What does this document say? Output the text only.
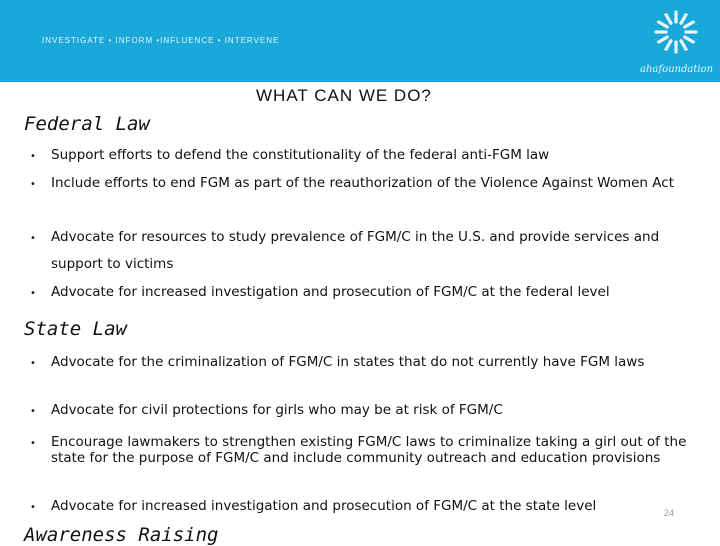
INVESTIGATE • INFORM •INFLUENCE • INTERVENE
ahafoundation
WHAT CAN WE DO?
Federal Law
• Support efforts to defend the constitutionality of the federal anti-FGM law
• Include efforts to end FGM as part of the reauthorization of the Violence Against Women Act
• Advocate for resources to study prevalence of FGM/C in the U.S. and provide services and support to victims
• Advocate for increased investigation and prosecution of FGM/C at the federal level
State Law
• Advocate for the criminalization of FGM/C in states that do not currently have FGM laws
• Advocate for civil protections for girls who may be at risk of FGM/C
• Encourage lawmakers to strengthen existing FGM/C laws to criminalize taking a girl out of the state for the purpose of FGM/C and include community outreach and education provisions
• Advocate for increased investigation and prosecution of FGM/C at the state level
Awareness Raising
24
